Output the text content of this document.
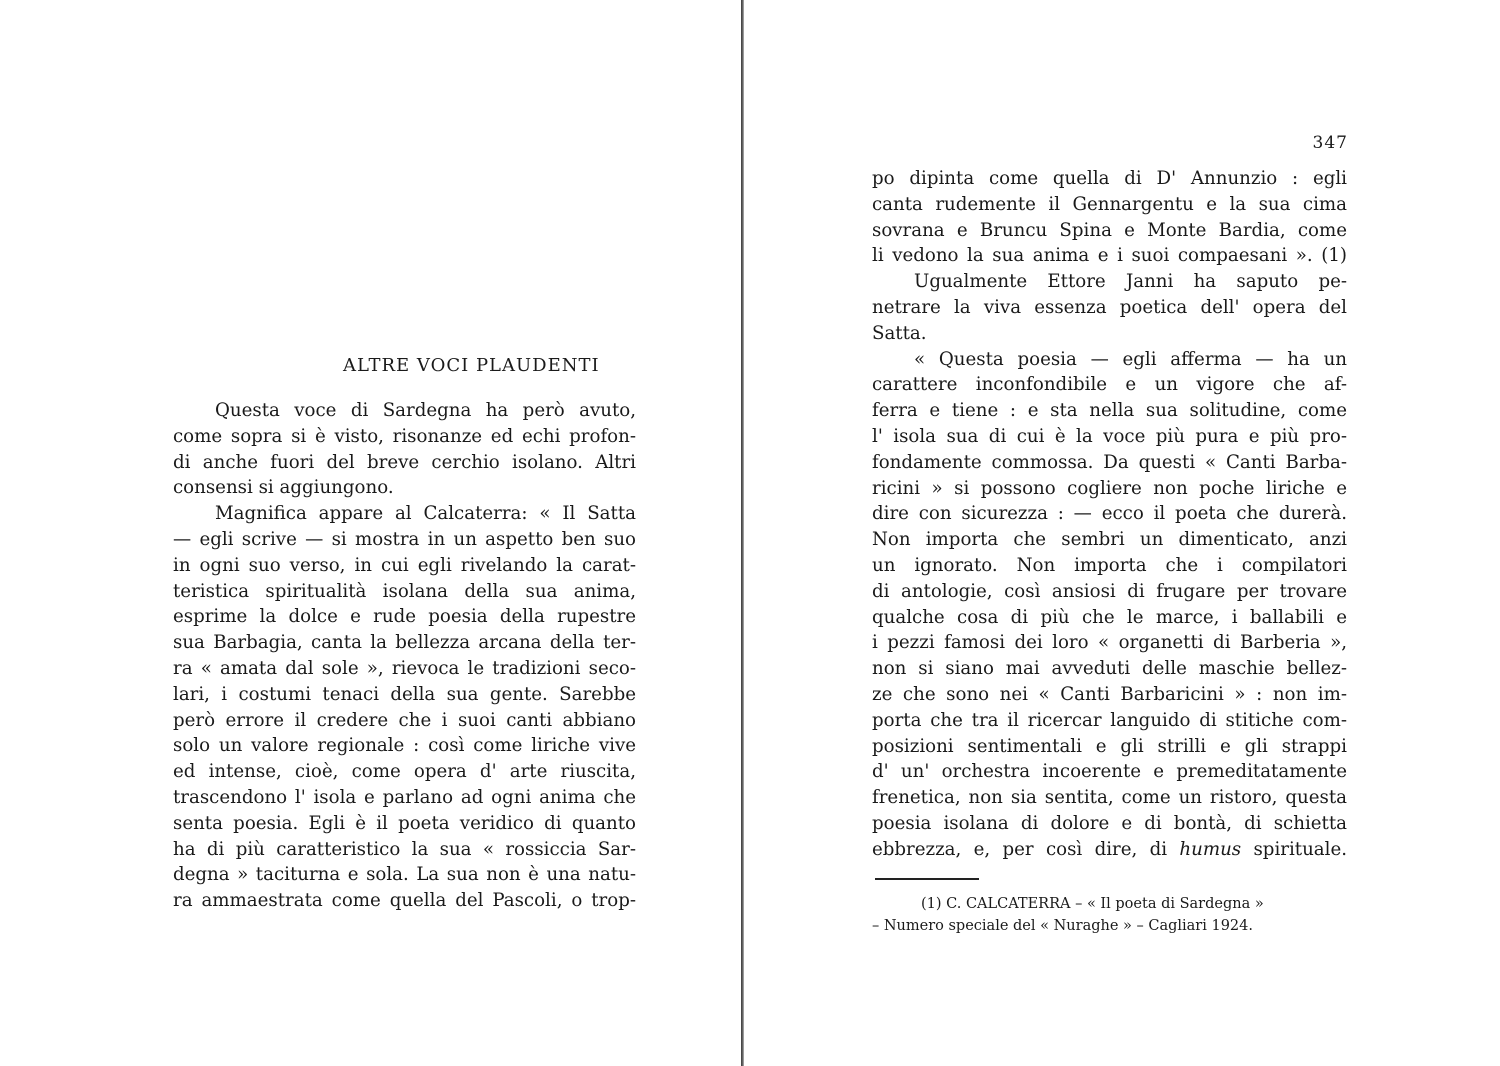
ALTRE VOCI PLAUDENTI
Questa voce di Sardegna ha però avuto,
come sopra si è visto, risonanze ed echi profon-
di anche fuori del breve cerchio isolano. Altri
consensi si aggiungono.
Magnifica appare al Calcaterra: « Il Satta
— egli scrive — si mostra in un aspetto ben suo
in ogni suo verso, in cui egli rivelando la carat-
teristica spiritualità isolana della sua anima,
esprime la dolce e rude poesia della rupestre
sua Barbagia, canta la bellezza arcana della ter-
ra « amata dal sole », rievoca le tradizioni seco-
lari, i costumi tenaci della sua gente. Sarebbe
però errore il credere che i suoi canti abbiano
solo un valore regionale : così come liriche vive
ed intense, cioè, come opera d' arte riuscita,
trascendono l' isola e parlano ad ogni anima che
senta poesia. Egli è il poeta veridico di quanto
ha di più caratteristico la sua « rossiccia Sar-
degna » taciturna e sola. La sua non è una natu-
ra ammaestrata come quella del Pascoli, o trop-
347
po dipinta come quella di D' Annunzio : egli
canta rudemente il Gennargentu e la sua cima
sovrana e Bruncu Spina e Monte Bardia, come
li vedono la sua anima e i suoi compaesani ». (1)
Ugualmente Ettore Janni ha saputo pe-
netrare la viva essenza poetica dell' opera del
Satta.
« Questa poesia — egli afferma — ha un
carattere inconfondibile e un vigore che af-
ferra e tiene : e sta nella sua solitudine, come
l' isola sua di cui è la voce più pura e più pro-
fondamente commossa. Da questi « Canti Barba-
ricini » si possono cogliere non poche liriche e
dire con sicurezza : — ecco il poeta che durerà.
Non importa che sembri un dimenticato, anzi
un ignorato. Non importa che i compilatori
di antologie, così ansiosi di frugare per trovare
qualche cosa di più che le marce, i ballabili e
i pezzi famosi dei loro « organetti di Barberia »,
non si siano mai avveduti delle maschie bellez-
ze che sono nei « Canti Barbaricini » : non im-
porta che tra il ricercar languido di stitiche com-
posizioni sentimentali e gli strilli e gli strappi
d' un' orchestra incoerente e premeditatamente
frenetica, non sia sentita, come un ristoro, questa
poesia isolana di dolore e di bontà, di schietta
ebbrezza, e, per così dire, di humus spirituale.
(1) C. CALCATERRA – « Il poeta di Sardegna »
– Numero speciale del « Nuraghe » – Cagliari 1924.
